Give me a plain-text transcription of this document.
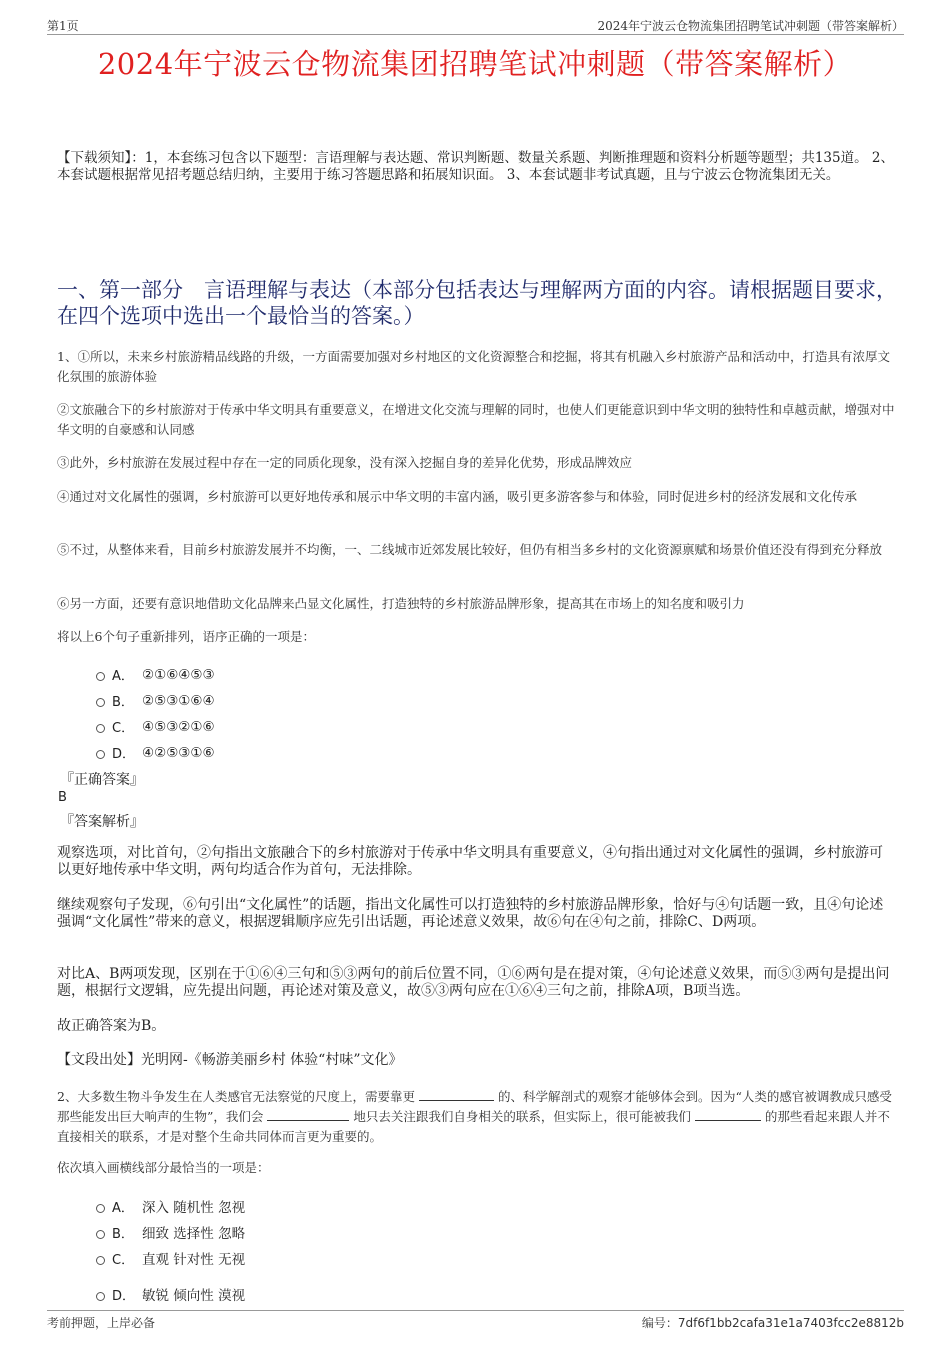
第1页	2024年宁波云仓物流集团招聘笔试冲刺题（带答案解析）
2024年宁波云仓物流集团招聘笔试冲刺题（带答案解析）
【下载须知】：1，本套练习包含以下题型：言语理解与表达题、常识判断题、数量关系题、判断推理题和资料分析题等题型；共135道。 2、本套试题根据常见招考题总结归纳，主要用于练习答题思路和拓展知识面。 3、本套试题非考试真题，且与宁波云仓物流集团无关。
一、第一部分　言语理解与表达（本部分包括表达与理解两方面的内容。请根据题目要求，在四个选项中选出一个最恰当的答案。）
1、①所以，未来乡村旅游精品线路的升级，一方面需要加强对乡村地区的文化资源整合和挖掘，将其有机融入乡村旅游产品和活动中，打造具有浓厚文化氛围的旅游体验
②文旅融合下的乡村旅游对于传承中华文明具有重要意义，在增进文化交流与理解的同时，也使人们更能意识到中华文明的独特性和卓越贡献，增强对中华文明的自豪感和认同感
③此外，乡村旅游在发展过程中存在一定的同质化现象，没有深入挖掘自身的差异化优势，形成品牌效应
④通过对文化属性的强调，乡村旅游可以更好地传承和展示中华文明的丰富内涵，吸引更多游客参与和体验，同时促进乡村的经济发展和文化传承
⑤不过，从整体来看，目前乡村旅游发展并不均衡，一、二线城市近郊发展比较好，但仍有相当多乡村的文化资源禀赋和场景价值还没有得到充分释放
⑥另一方面，还要有意识地借助文化品牌来凸显文化属性，打造独特的乡村旅游品牌形象，提高其在市场上的知名度和吸引力
将以上6个句子重新排列，语序正确的一项是：
A． ②①⑥④⑤③
B． ②⑤③①⑥④
C． ④⑤③②①⑥
D． ④②⑤③①⑥
『正确答案』
B
『答案解析』
观察选项，对比首句，②句指出文旅融合下的乡村旅游对于传承中华文明具有重要意义，④句指出通过对文化属性的强调，乡村旅游可以更好地传承中华文明，两句均适合作为首句，无法排除。
继续观察句子发现，⑥句引出“文化属性”的话题，指出文化属性可以打造独特的乡村旅游品牌形象，恰好与④句话题一致，且④句论述强调“文化属性”带来的意义，根据逻辑顺序应先引出话题，再论述意义效果，故⑥句在④句之前，排除C、D两项。
对比A、B两项发现，区别在于①⑥④三句和⑤③两句的前后位置不同，①⑥两句是在提对策，④句论述意义效果，而⑤③两句是提出问题，根据行文逻辑，应先提出问题，再论述对策及意义，故⑤③两句应在①⑥④三句之前，排除A项，B项当选。
故正确答案为B。
【文段出处】光明网-《畅游美丽乡村 体验“村味”文化》
2、大多数生物斗争发生在人类感官无法察觉的尺度上，需要靠更	的、科学解剖式的观察才能够体会到。因为“人类的感官被调教成只感受那些能发出巨大响声的生物”，我们会	地只去关注跟我们自身相关的联系，但实际上，很可能被我们	的那些看起来跟人并不直接相关的联系，才是对整个生命共同体而言更为重要的。
依次填入画横线部分最恰当的一项是：
A． 深入 随机性 忽视
B． 细致 选择性 忽略
C． 直观 针对性 无视
D． 敏锐 倾向性 漠视
考前押题，上岸必备	编号：7df6f1bb2cafa31e1a7403fcc2e8812b
